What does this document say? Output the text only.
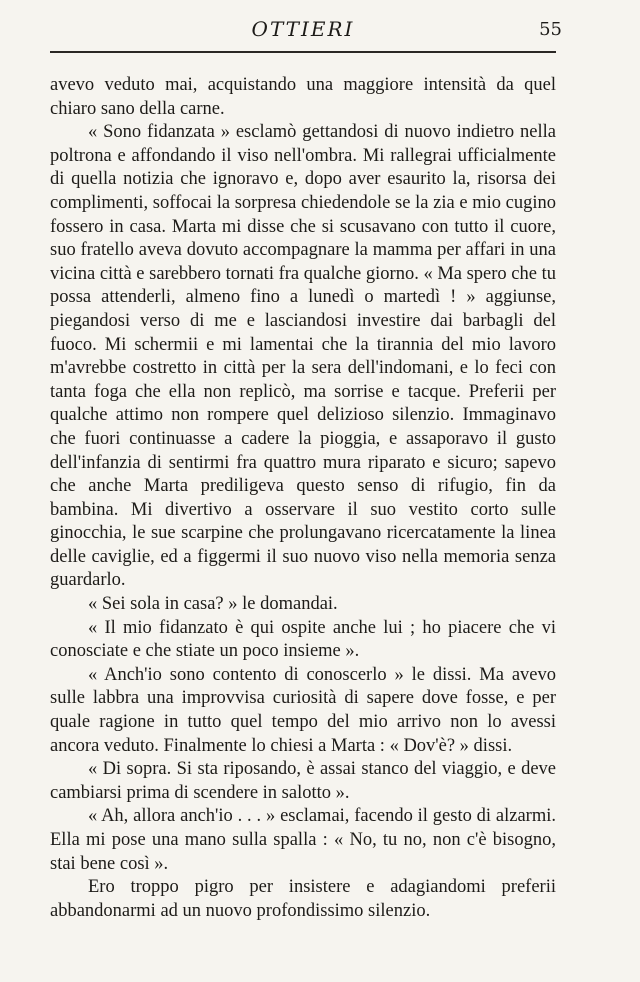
OTTIERI	55

avevo veduto mai, acquistando una maggiore intensità da quel chiaro sano della carne.

« Sono fidanzata » esclamò gettandosi di nuovo indietro nella poltrona e affondando il viso nell'ombra. Mi rallegrai ufficialmente di quella notizia che ignoravo e, dopo aver esaurito la, risorsa dei complimenti, soffocai la sorpresa chiedendole se la zia e mio cugino fossero in casa. Marta mi disse che si scusavano con tutto il cuore, suo fratello aveva dovuto accompagnare la mamma per affari in una vicina città e sarebbero tornati fra qualche giorno. « Ma spero che tu possa attenderli, almeno fino a lunedì o martedì ! » aggiunse, piegandosi verso di me e lasciandosi investire dai barbagli del fuoco. Mi schermii e mi lamentai che la tirannia del mio lavoro m'avrebbe costretto in città per la sera dell'indomani, e lo feci con tanta foga che ella non replicò, ma sorrise e tacque. Preferii per qualche attimo non rompere quel delizioso silenzio. Immaginavo che fuori continuasse a cadere la pioggia, e assaporavo il gusto dell'infanzia di sentirmi fra quattro mura riparato e sicuro; sapevo che anche Marta prediligeva questo senso di rifugio, fin da bambina. Mi divertivo a osservare il suo vestito corto sulle ginocchia, le sue scarpine che prolungavano ricercatamente la linea delle caviglie, ed a figgermi il suo nuovo viso nella memoria senza guardarlo.

« Sei sola in casa? » le domandai.

« Il mio fidanzato è qui ospite anche lui ; ho piacere che vi conosciate e che stiate un poco insieme ».

« Anch'io sono contento di conoscerlo » le dissi. Ma avevo sulle labbra una improvvisa curiosità di sapere dove fosse, e per quale ragione in tutto quel tempo del mio arrivo non lo avessi ancora veduto. Finalmente lo chiesi a Marta : « Dov'è? » dissi.

« Di sopra. Si sta riposando, è assai stanco del viaggio, e deve cambiarsi prima di scendere in salotto ».

« Ah, allora anch'io . . . » esclamai, facendo il gesto di alzarmi. Ella mi pose una mano sulla spalla : « No, tu no, non c'è bisogno, stai bene così ».

Ero troppo pigro per insistere e adagiandomi preferii abbandonarmi ad un nuovo profondissimo silenzio.
